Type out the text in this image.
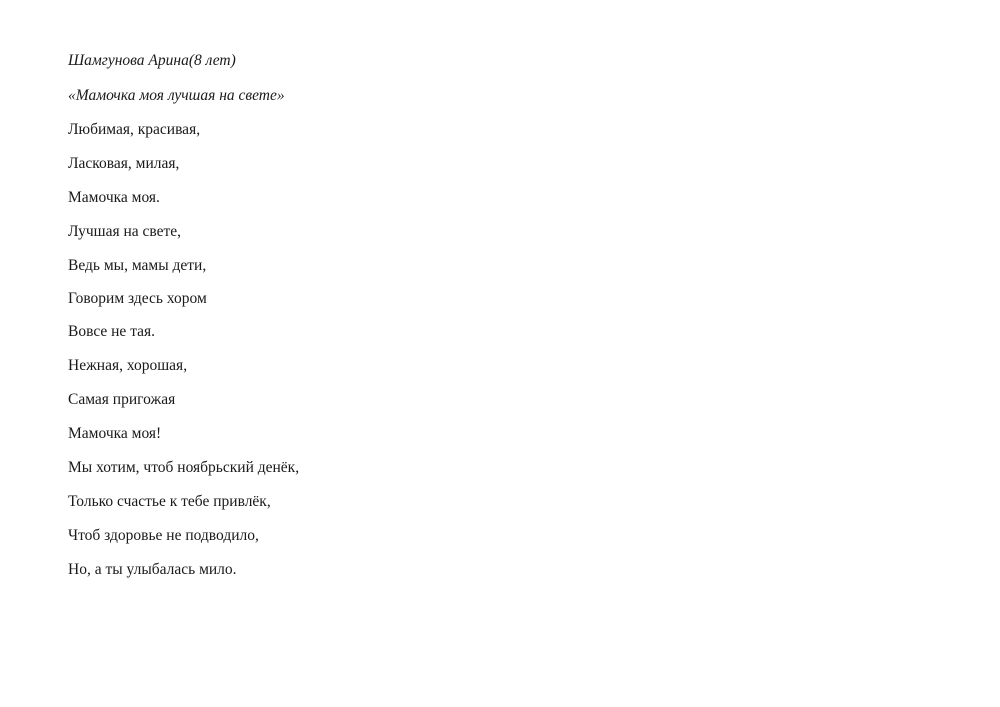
Шамгунова Арина(8 лет)
«Мамочка моя лучшая на свете»
Любимая, красивая,
Ласковая, милая,
Мамочка моя.
Лучшая на свете,
Ведь мы, мамы дети,
Говорим здесь хором
Вовсе не тая.
Нежная, хорошая,
Самая пригожая
Мамочка моя!
Мы хотим, чтоб ноябрьский денёк,
Только счастье к тебе привлёк,
Чтоб здоровье не подводило,
Но, а ты улыбалась мило.
